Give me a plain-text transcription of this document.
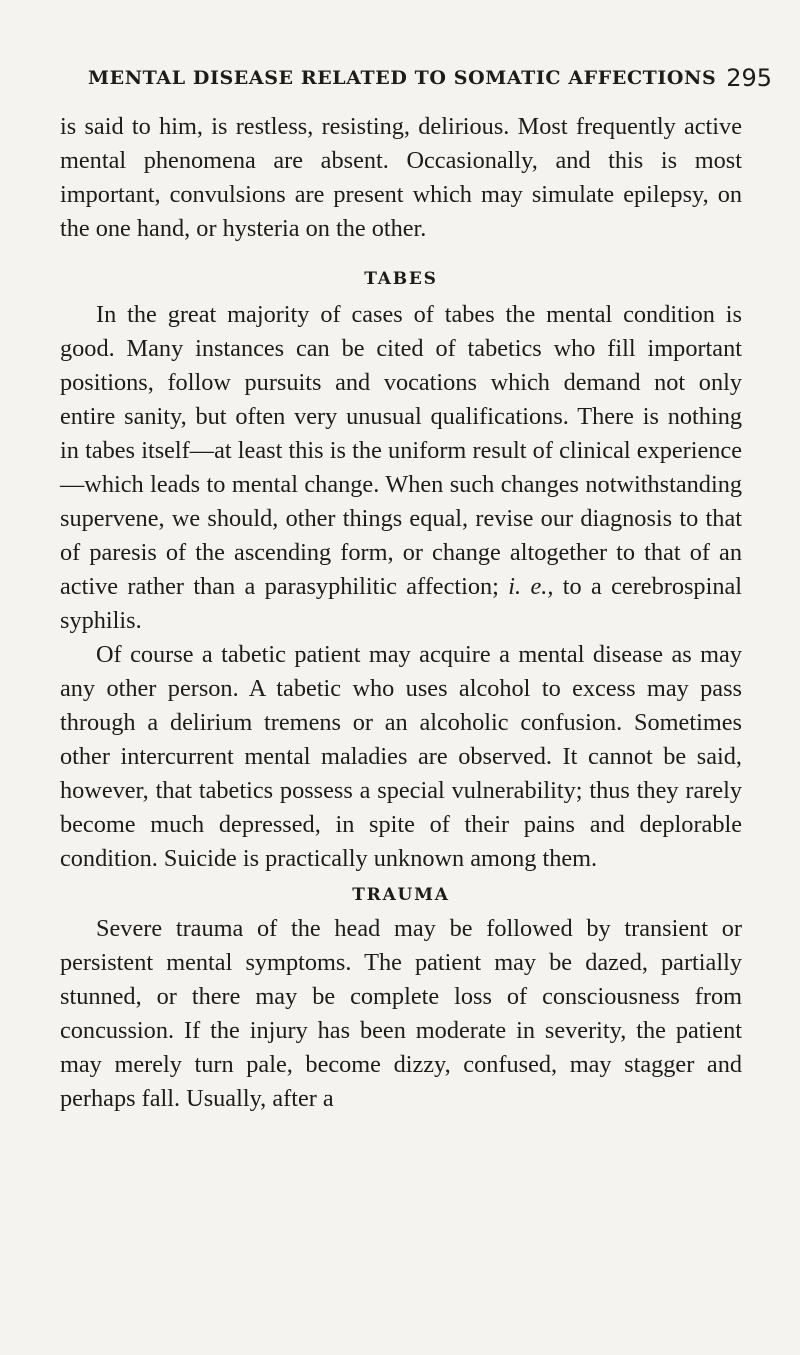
MENTAL DISEASE RELATED TO SOMATIC AFFECTIONS 295

is said to him, is restless, resisting, delirious. Most frequently active mental phenomena are absent. Occasionally, and this is most important, convulsions are present which may simulate epilepsy, on the one hand, or hysteria on the other.

TABES

In the great majority of cases of tabes the mental condition is good. Many instances can be cited of tabetics who fill important positions, follow pursuits and vocations which demand not only entire sanity, but often very unusual qualifications. There is nothing in tabes itself—at least this is the uniform result of clinical experience—which leads to mental change. When such changes notwithstanding supervene, we should, other things equal, revise our diagnosis to that of paresis of the ascending form, or change altogether to that of an active rather than a parasyphilitic affection; i. e., to a cerebrospinal syphilis.

Of course a tabetic patient may acquire a mental disease as may any other person. A tabetic who uses alcohol to excess may pass through a delirium tremens or an alcoholic confusion. Sometimes other intercurrent mental maladies are observed. It cannot be said, however, that tabetics possess a special vulnerability; thus they rarely become much depressed, in spite of their pains and deplorable condition. Suicide is practically unknown among them.

TRAUMA

Severe trauma of the head may be followed by transient or persistent mental symptoms. The patient may be dazed, partially stunned, or there may be complete loss of consciousness from concussion. If the injury has been moderate in severity, the patient may merely turn pale, become dizzy, confused, may stagger and perhaps fall. Usually, after a
